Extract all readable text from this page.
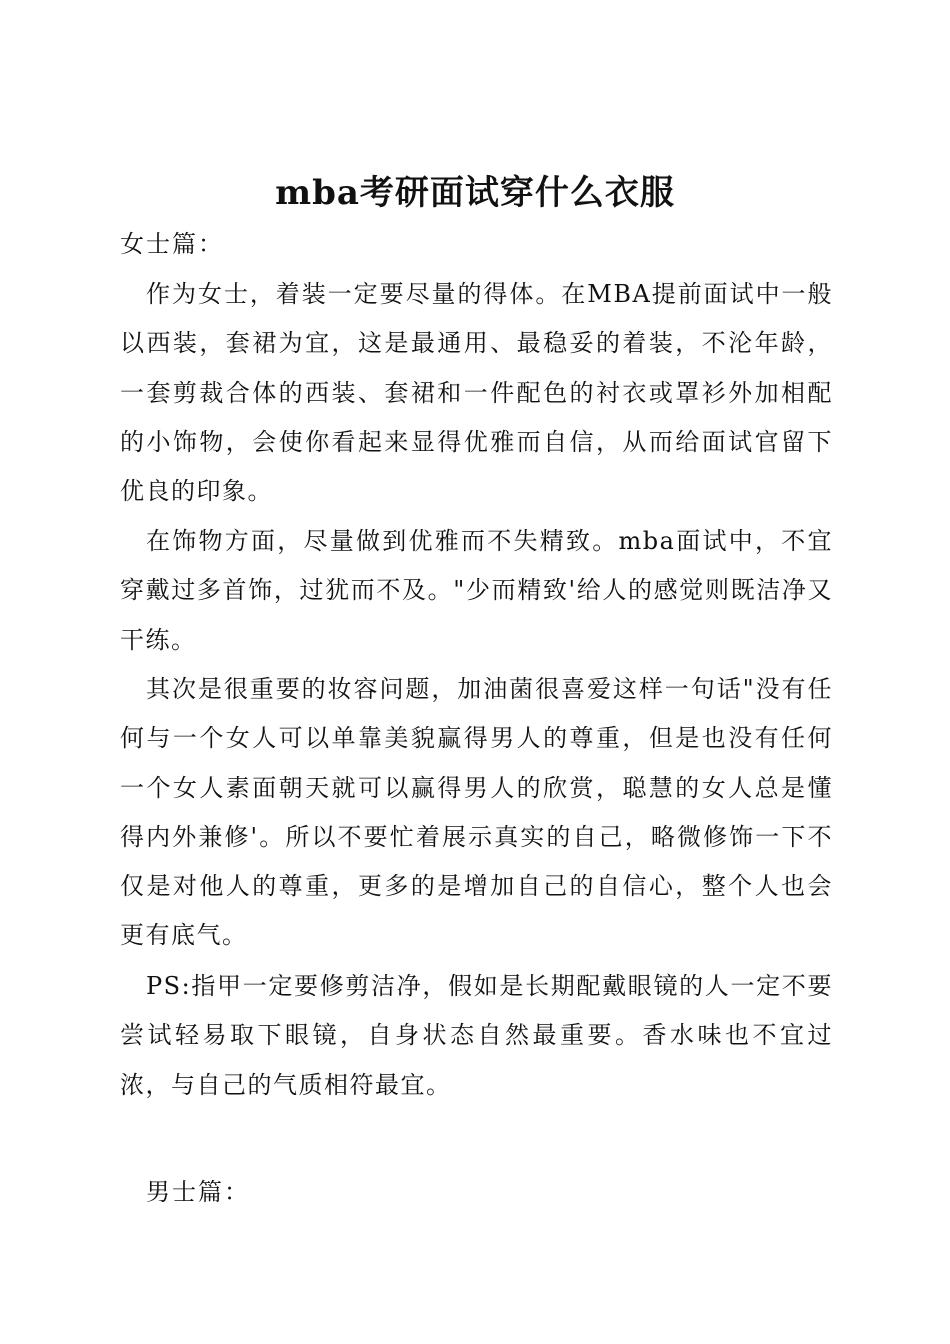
mba考研面试穿什么衣服
女士篇：

作为女士，着装一定要尽量的得体。在MBA提前面试中一般以西装，套裙为宜，这是最通用、最稳妥的着装，不沦年龄，一套剪裁合体的西装、套裙和一件配色的衬衣或罩衫外加相配的小饰物，会使你看起来显得优雅而自信，从而给面试官留下优良的印象。

在饰物方面，尽量做到优雅而不失精致。mba面试中，不宜穿戴过多首饰，过犹而不及。"少而精致'给人的感觉则既洁净又干练。

其次是很重要的妆容问题，加油菌很喜爱这样一句话"没有任何与一个女人可以单靠美貌赢得男人的尊重，但是也没有任何一个女人素面朝天就可以赢得男人的欣赏，聪慧的女人总是懂得内外兼修'。所以不要忙着展示真实的自己，略微修饰一下不仅是对他人的尊重，更多的是增加自己的自信心，整个人也会更有底气。

PS:指甲一定要修剪洁净，假如是长期配戴眼镜的人一定不要尝试轻易取下眼镜，自身状态自然最重要。香水味也不宜过浓，与自己的气质相符最宜。

男士篇：
